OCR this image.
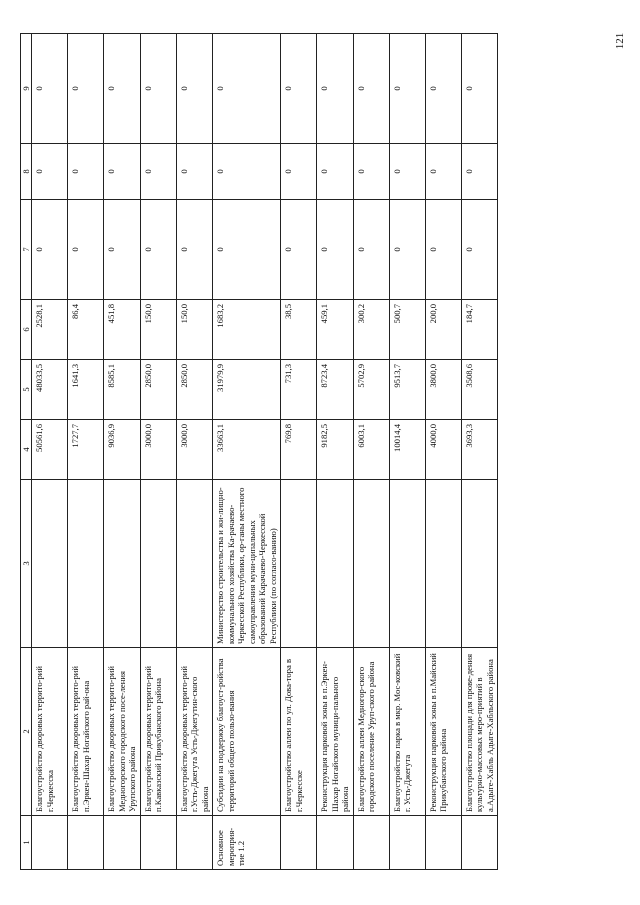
121
1	2	3	4	5	6	7	8	9
	Благоустройство дворовых террито-рий г.Черкесска		50561,6	48033,5	2528,1	0	0	0
	Благоустройство дворовых террито-рий п.Эркен-Шахар Ногайского рай-она		1727,7	1641,3	86,4	0	0	0
	Благоустройство дворовых террито-рий Медногорского городского посе-ления Урупского района		9036,9	8585,1	451,8	0	0	0
	Благоустройство дворовых террито-рий п.Кавказский Прикубанского района		3000,0	2850,0	150,0	0	0	0
	Благоустройство дворовых террито-рий г.Усть-Джегута Усть-Джегутин-ского района		3000,0	2850,0	150,0	0	0	0
Основное мероприя-тие 1.2	Субсидии на поддержку благоуст-ройства территорий общего пользо-вания	Министерство строительства и жи-лищно-коммунального хозяйства Ка-рачаево-Черкесской Республики, ор-ганы местного самоуправления муни-ципальных образований Карачаево-Черкесской Республики (по согласо-ванию)	33663,1	31979,9	1683,2	0	0	0
	Благоустройство аллеи по ул. Дова-тора в г.Черкесске		769,8	731,3	38,5	0	0	0
	Реконструкция парковой зоны в п.Эркен-Шахар Ногайского муници-пального района		9182,5	8723,4	459,1	0	0	0
	Благоустройство аллеи Медногор-ского городского поселение Уруп-ского района		6003,1	5702,9	300,2	0	0	0
	Благоустройство парка в мкр. Мос-ковский г. Усть-Джегута		10014,4	9513,7	500,7	0	0	0
	Реконструкция парковой зоны в п.Майский Прикубанского района		4000,0	3800,0	200,0	0	0	0
	Благоустройство площади для прове-дения культурно-массовых меро-приятий в а.Адыге-Хабль Адыге-Хабльского района		3693,3	3508,6	184,7	0	0	0
